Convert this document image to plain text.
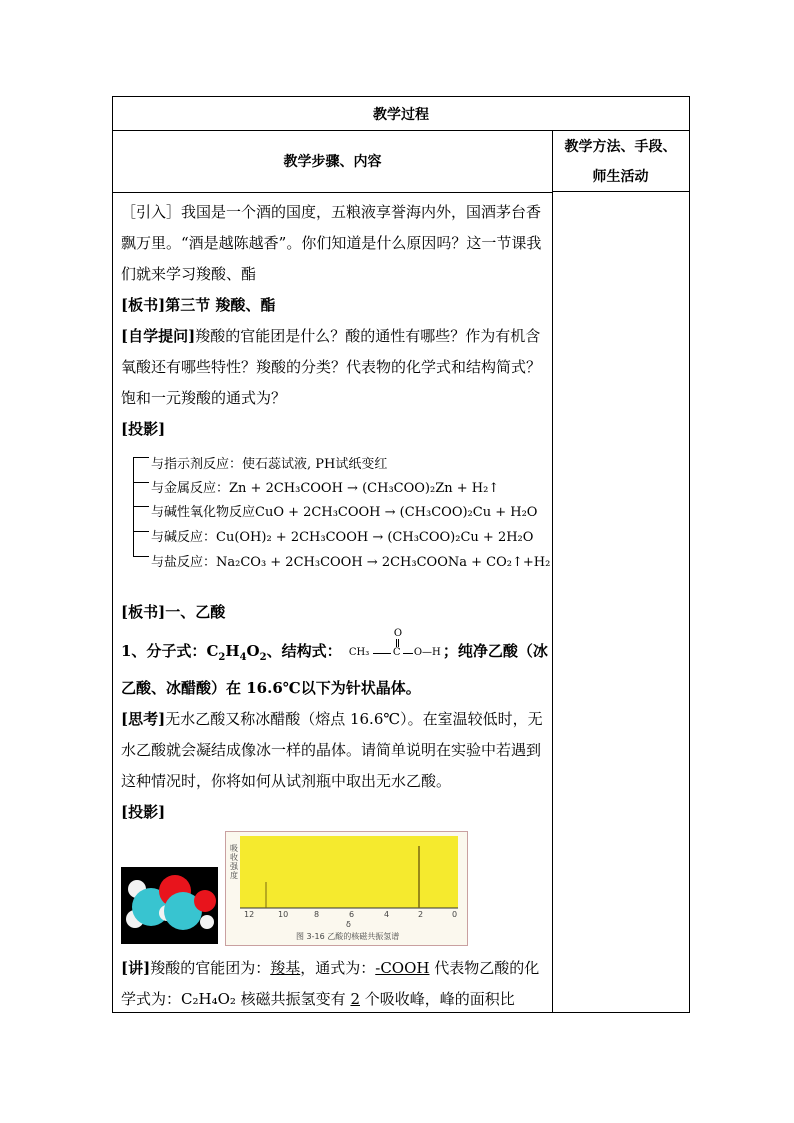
教学过程
教学步骤、内容
教学方法、手段、
师生活动

［引入］我国是一个酒的国度，五粮液享誉海内外，国酒茅台香飘万里。“酒是越陈越香”。你们知道是什么原因吗？这一节课我们就来学习羧酸、酯

[板书]第三节 羧酸、酯

[自学提问]羧酸的官能团是什么？酸的通性有哪些？作为有机含氧酸还有哪些特性？羧酸的分类？代表物的化学式和结构简式？饱和一元羧酸的通式为？

[投影]

与指示剂反应：使石蕊试液, PH试纸变红
与金属反应：Zn + 2CH₃COOH → (CH₃COO)₂Zn + H₂↑
与碱性氧化物反应CuO + 2CH₃COOH → (CH₃COO)₂Cu + H₂O
与碱反应：Cu(OH)₂ + 2CH₃COOH → (CH₃COO)₂Cu + 2H₂O
与盐反应：Na₂CO₃ + 2CH₃COOH → 2CH₃COONa + CO₂↑+H₂

[板书]一、乙酸

1、分子式：$C_2H_4O_2$、结构式：
O
CH₃ C O—H ；纯净乙酸（冰乙酸、冰醋酸）在 16.6℃以下为针状晶体。

[思考]无水乙酸又称冰醋酸（熔点 16.6℃）。在室温较低时，无水乙酸就会凝结成像冰一样的晶体。请简单说明在实验中若遇到这种情况时，你将如何从试剂瓶中取出无水乙酸。

[投影]

[讲]羧酸的官能团为：羧基，通式为：-COOH 代表物乙酸的化学式为：C₂H₄O₂ 核磁共振氢变有 2 个吸收峰，峰的面积比

吸收强度
12	10	8	6	4	2	0
δ
图 3-16 乙酸的核磁共振氢谱
